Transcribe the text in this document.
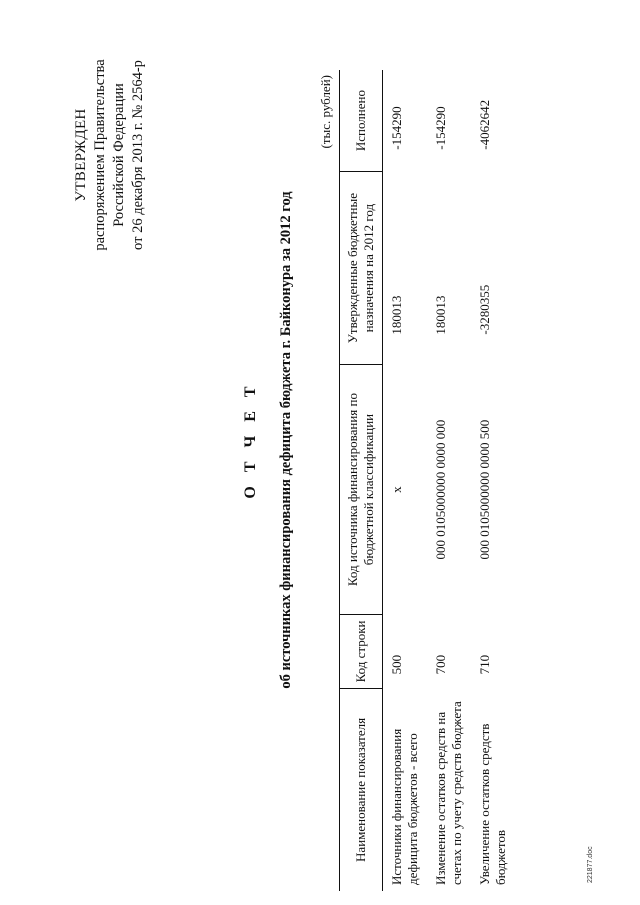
УТВЕРЖДЕН распоряжением Правительства Российской Федерации от 26 декабря 2013 г. № 2564-р
О Т Ч Е Т об источниках финансирования дефицита бюджета г. Байконура за 2012 год
(тыс. рублей)
Наименование показателя	Код строки	Код источника финансирования по бюджетной классификации	Утвержденные бюджетные назначения на 2012 год	Исполнено
Источники финансирования дефицита бюджетов - всего	500	x	180013	-154290
Изменение остатков средств на счетах по учету средств бюджета	700	000 0105000000 0000 000	180013	-154290
Увеличение остатков средств бюджетов	710	000 0105000000 0000 500	-3280355	-4062642
221877.doc
